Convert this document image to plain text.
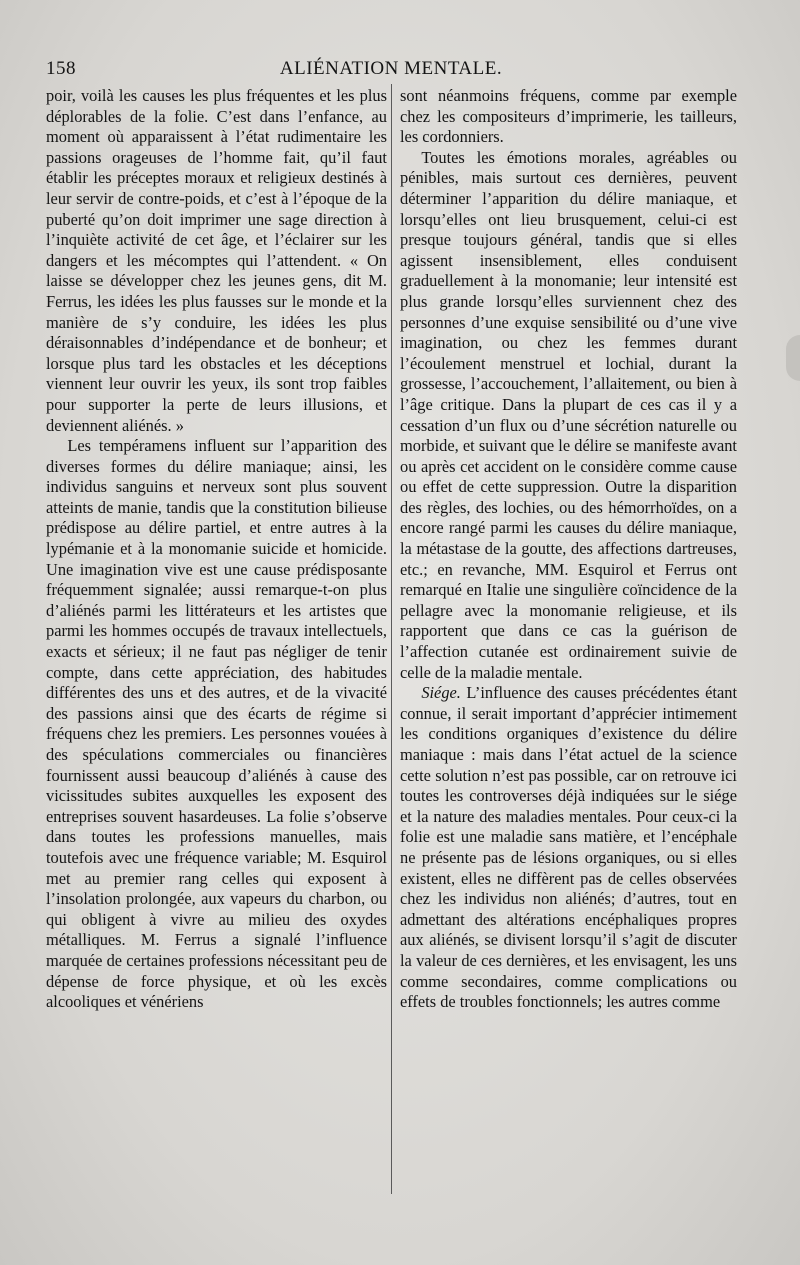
158	ALIÉNATION MENTALE.

poir, voilà les causes les plus fréquentes et les plus déplorables de la folie. C’est dans l’enfance, au moment où apparaissent à l’état rudimentaire les passions orageuses de l’homme fait, qu’il faut établir les préceptes moraux et religieux destinés à leur servir de contre-poids, et c’est à l’époque de la puberté qu’on doit imprimer une sage direction à l’inquiète activité de cet âge, et l’éclairer sur les dangers et les mécomptes qui l’attendent. « On laisse se développer chez les jeunes gens, dit M. Ferrus, les idées les plus fausses sur le monde et la manière de s’y conduire, les idées les plus déraisonnables d’indépendance et de bonheur; et lorsque plus tard les obstacles et les déceptions viennent leur ouvrir les yeux, ils sont trop faibles pour supporter la perte de leurs illusions, et deviennent aliénés. »

Les tempéramens influent sur l’apparition des diverses formes du délire maniaque; ainsi, les individus sanguins et nerveux sont plus souvent atteints de manie, tandis que la constitution bilieuse prédispose au délire partiel, et entre autres à la lypémanie et à la monomanie suicide et homicide. Une imagination vive est une cause prédisposante fréquemment signalée; aussi remarque-t-on plus d’aliénés parmi les littérateurs et les artistes que parmi les hommes occupés de travaux intellectuels, exacts et sérieux; il ne faut pas négliger de tenir compte, dans cette appréciation, des habitudes différentes des uns et des autres, et de la vivacité des passions ainsi que des écarts de régime si fréquens chez les premiers. Les personnes vouées à des spéculations commerciales ou financières fournissent aussi beaucoup d’aliénés à cause des vicissitudes subites auxquelles les exposent des entreprises souvent hasardeuses. La folie s’observe dans toutes les professions manuelles, mais toutefois avec une fréquence variable; M. Esquirol met au premier rang celles qui exposent à l’insolation prolongée, aux vapeurs du charbon, ou qui obligent à vivre au milieu des oxydes métalliques. M. Ferrus a signalé l’influence marquée de certaines professions nécessitant peu de dépense de force physique, et où les excès alcooliques et vénériens

sont néanmoins fréquens, comme par exemple chez les compositeurs d’imprimerie, les tailleurs, les cordonniers.

Toutes les émotions morales, agréables ou pénibles, mais surtout ces dernières, peuvent déterminer l’apparition du délire maniaque, et lorsqu’elles ont lieu brusquement, celui-ci est presque toujours général, tandis que si elles agissent insensiblement, elles conduisent graduellement à la monomanie; leur intensité est plus grande lorsqu’elles surviennent chez des personnes d’une exquise sensibilité ou d’une vive imagination, ou chez les femmes durant l’écoulement menstruel et lochial, durant la grossesse, l’accouchement, l’allaitement, ou bien à l’âge critique. Dans la plupart de ces cas il y a cessation d’un flux ou d’une sécrétion naturelle ou morbide, et suivant que le délire se manifeste avant ou après cet accident on le considère comme cause ou effet de cette suppression. Outre la disparition des règles, des lochies, ou des hémorrhoïdes, on a encore rangé parmi les causes du délire maniaque, la métastase de la goutte, des affections dartreuses, etc.; en revanche, MM. Esquirol et Ferrus ont remarqué en Italie une singulière coïncidence de la pellagre avec la monomanie religieuse, et ils rapportent que dans ce cas la guérison de l’affection cutanée est ordinairement suivie de celle de la maladie mentale.

Siége. L’influence des causes précédentes étant connue, il serait important d’apprécier intimement les conditions organiques d’existence du délire maniaque : mais dans l’état actuel de la science cette solution n’est pas possible, car on retrouve ici toutes les controverses déjà indiquées sur le siége et la nature des maladies mentales. Pour ceux-ci la folie est une maladie sans matière, et l’encéphale ne présente pas de lésions organiques, ou si elles existent, elles ne diffèrent pas de celles observées chez les individus non aliénés; d’autres, tout en admettant des altérations encéphaliques propres aux aliénés, se divisent lorsqu’il s’agit de discuter la valeur de ces dernières, et les envisagent, les uns comme secondaires, comme complications ou effets de troubles fonctionnels; les autres comme
